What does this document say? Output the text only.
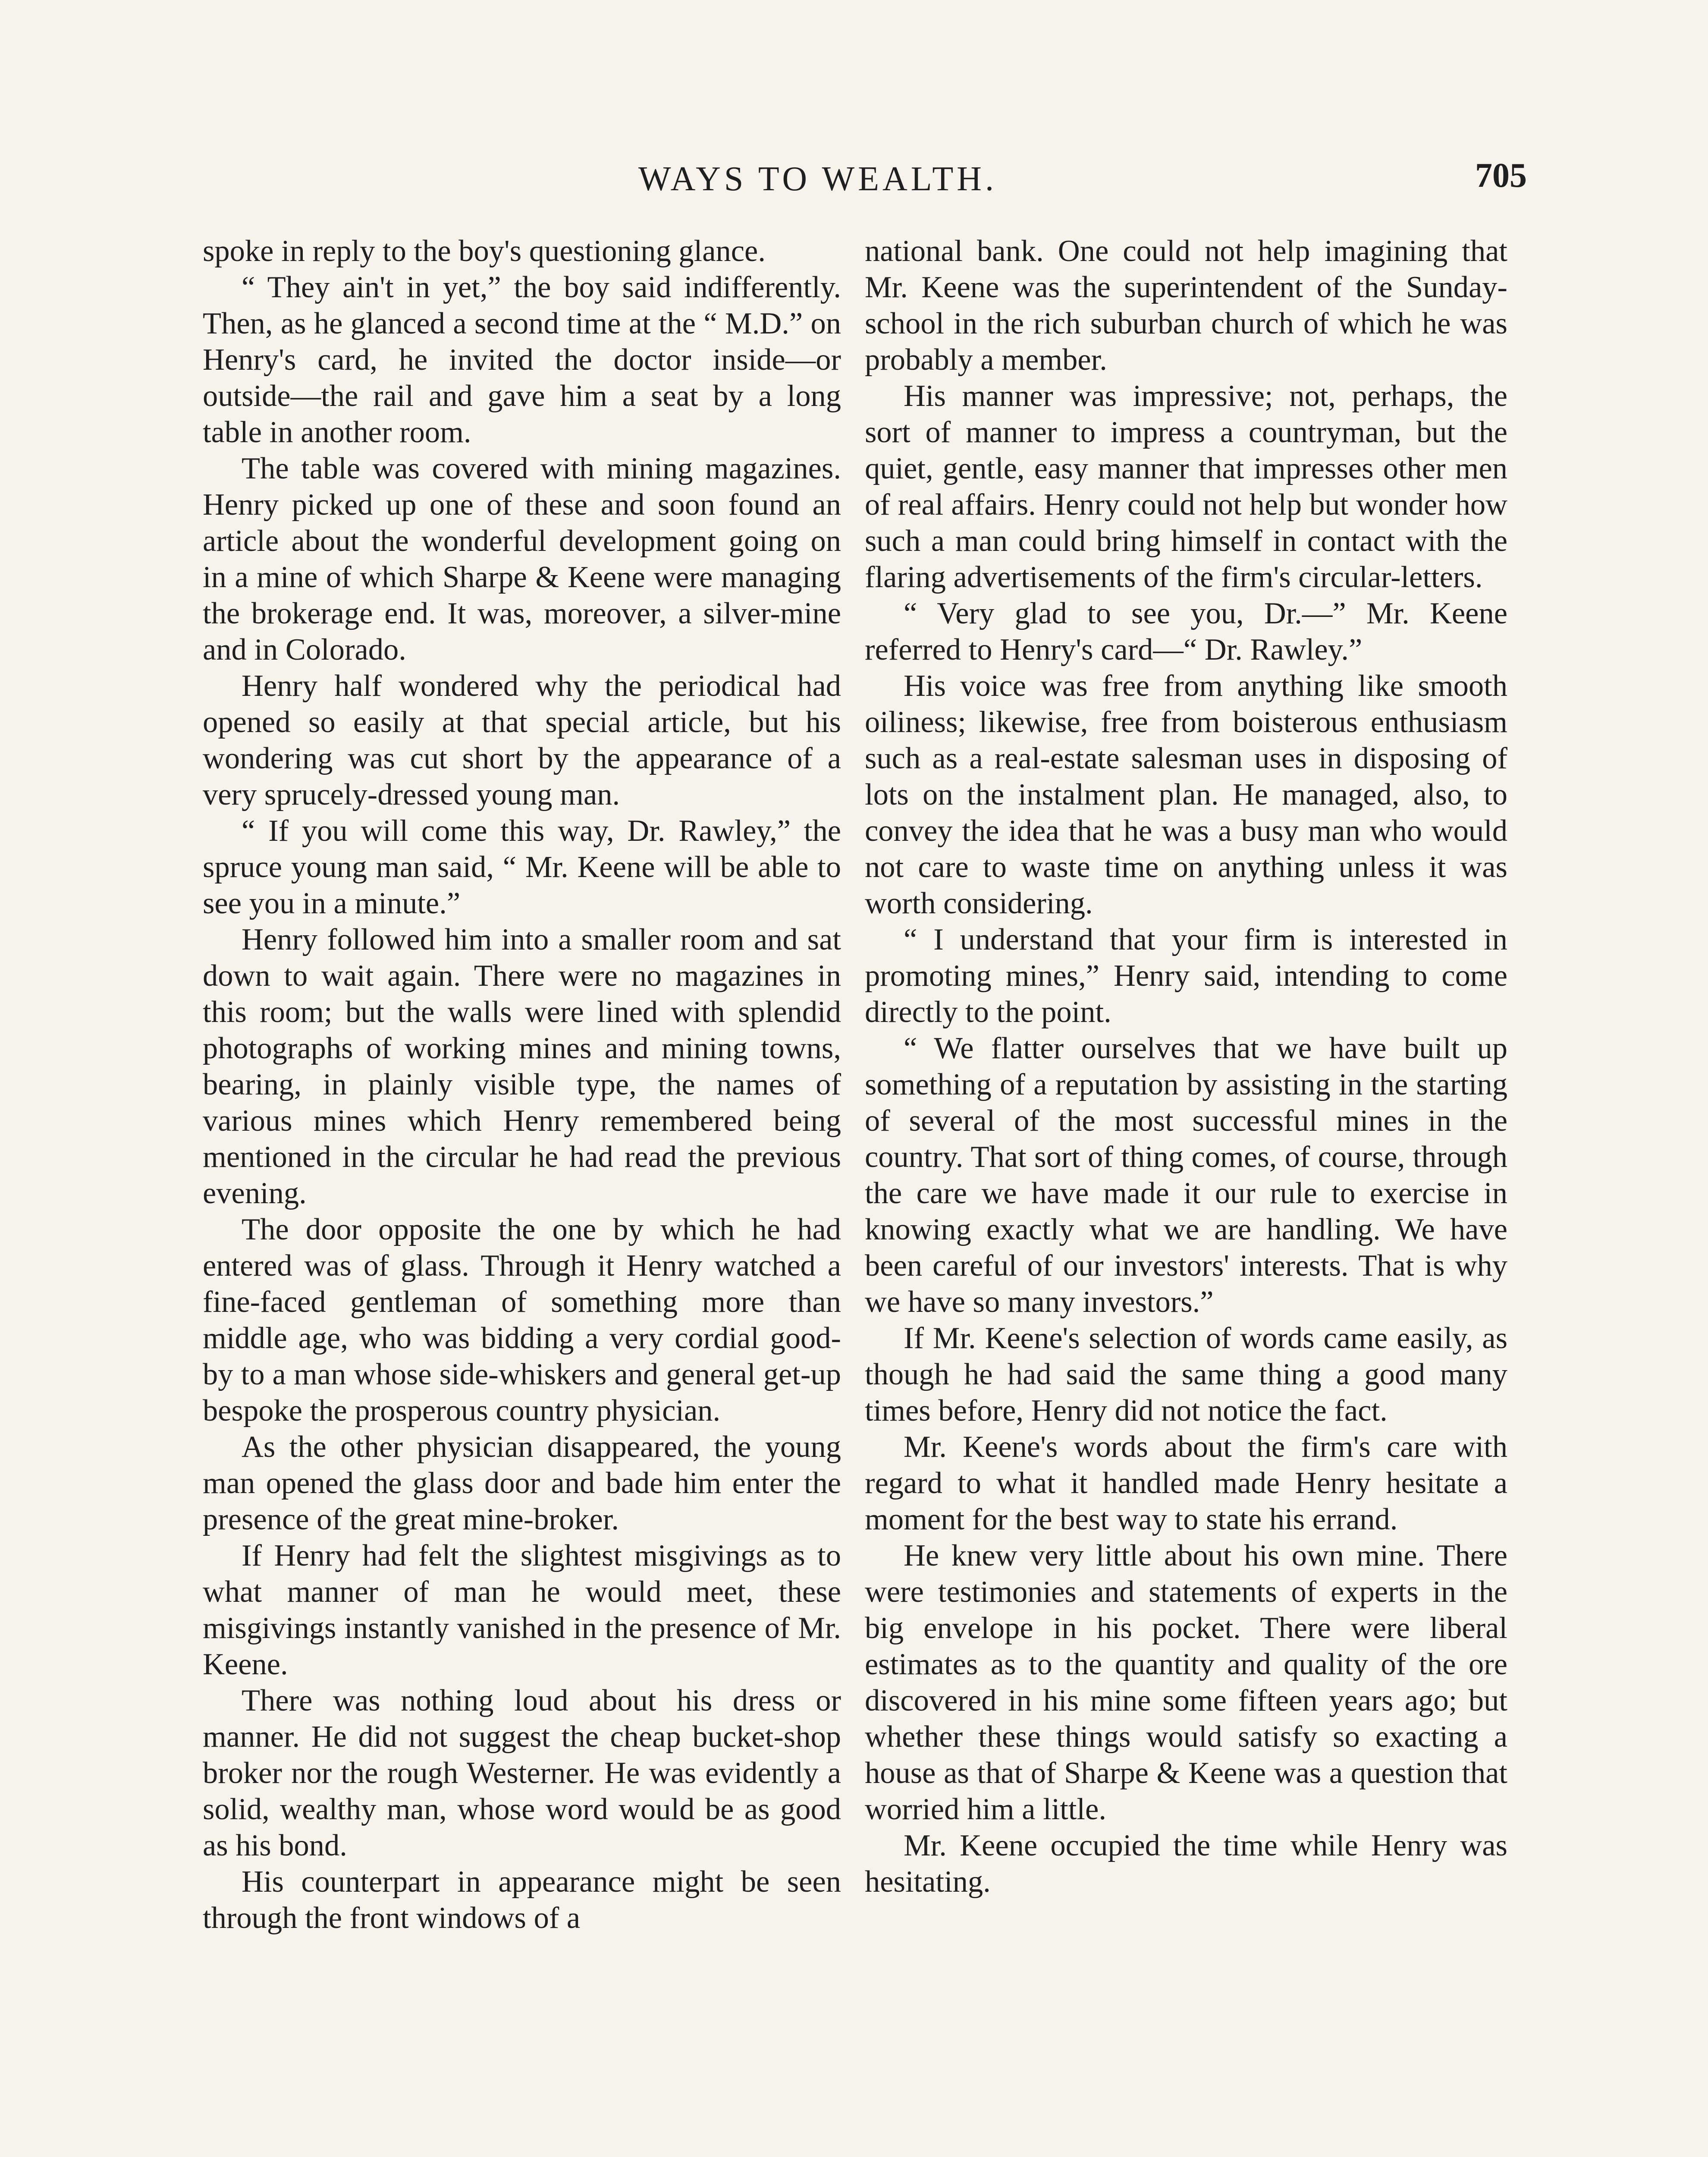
WAYS TO WEALTH.	705

spoke in reply to the boy's questioning glance.

“ They ain't in yet,” the boy said indifferently. Then, as he glanced a second time at the “ M.D.” on Henry's card, he invited the doctor inside—or outside—the rail and gave him a seat by a long table in another room.

The table was covered with mining magazines. Henry picked up one of these and soon found an article about the wonderful development going on in a mine of which Sharpe & Keene were managing the brokerage end. It was, moreover, a silver-mine and in Colorado.

Henry half wondered why the periodical had opened so easily at that special article, but his wondering was cut short by the appearance of a very sprucely-dressed young man.

“ If you will come this way, Dr. Rawley,” the spruce young man said, “ Mr. Keene will be able to see you in a minute.”

Henry followed him into a smaller room and sat down to wait again. There were no magazines in this room; but the walls were lined with splendid photographs of working mines and mining towns, bearing, in plainly visible type, the names of various mines which Henry remembered being mentioned in the circular he had read the previous evening.

The door opposite the one by which he had entered was of glass. Through it Henry watched a fine-faced gentleman of something more than middle age, who was bidding a very cordial good-by to a man whose side-whiskers and general get-up bespoke the prosperous country physician.

As the other physician disappeared, the young man opened the glass door and bade him enter the presence of the great mine-broker.

If Henry had felt the slightest misgivings as to what manner of man he would meet, these misgivings instantly vanished in the presence of Mr. Keene.

There was nothing loud about his dress or manner. He did not suggest the cheap bucket-shop broker nor the rough Westerner. He was evidently a solid, wealthy man, whose word would be as good as his bond.

His counterpart in appearance might be seen through the front windows of a

national bank. One could not help imagining that Mr. Keene was the superintendent of the Sunday-school in the rich suburban church of which he was probably a member.

His manner was impressive; not, perhaps, the sort of manner to impress a countryman, but the quiet, gentle, easy manner that impresses other men of real affairs. Henry could not help but wonder how such a man could bring himself in contact with the flaring advertisements of the firm's circular-letters.

“ Very glad to see you, Dr.—” Mr. Keene referred to Henry's card—“ Dr. Rawley.”

His voice was free from anything like smooth oiliness; likewise, free from boisterous enthusiasm such as a real-estate salesman uses in disposing of lots on the instalment plan. He managed, also, to convey the idea that he was a busy man who would not care to waste time on anything unless it was worth considering.

“ I understand that your firm is interested in promoting mines,” Henry said, intending to come directly to the point.

“ We flatter ourselves that we have built up something of a reputation by assisting in the starting of several of the most successful mines in the country. That sort of thing comes, of course, through the care we have made it our rule to exercise in knowing exactly what we are handling. We have been careful of our investors' interests. That is why we have so many investors.”

If Mr. Keene's selection of words came easily, as though he had said the same thing a good many times before, Henry did not notice the fact.

Mr. Keene's words about the firm's care with regard to what it handled made Henry hesitate a moment for the best way to state his errand.

He knew very little about his own mine. There were testimonies and statements of experts in the big envelope in his pocket. There were liberal estimates as to the quantity and quality of the ore discovered in his mine some fifteen years ago; but whether these things would satisfy so exacting a house as that of Sharpe & Keene was a question that worried him a little.

Mr. Keene occupied the time while Henry was hesitating.
